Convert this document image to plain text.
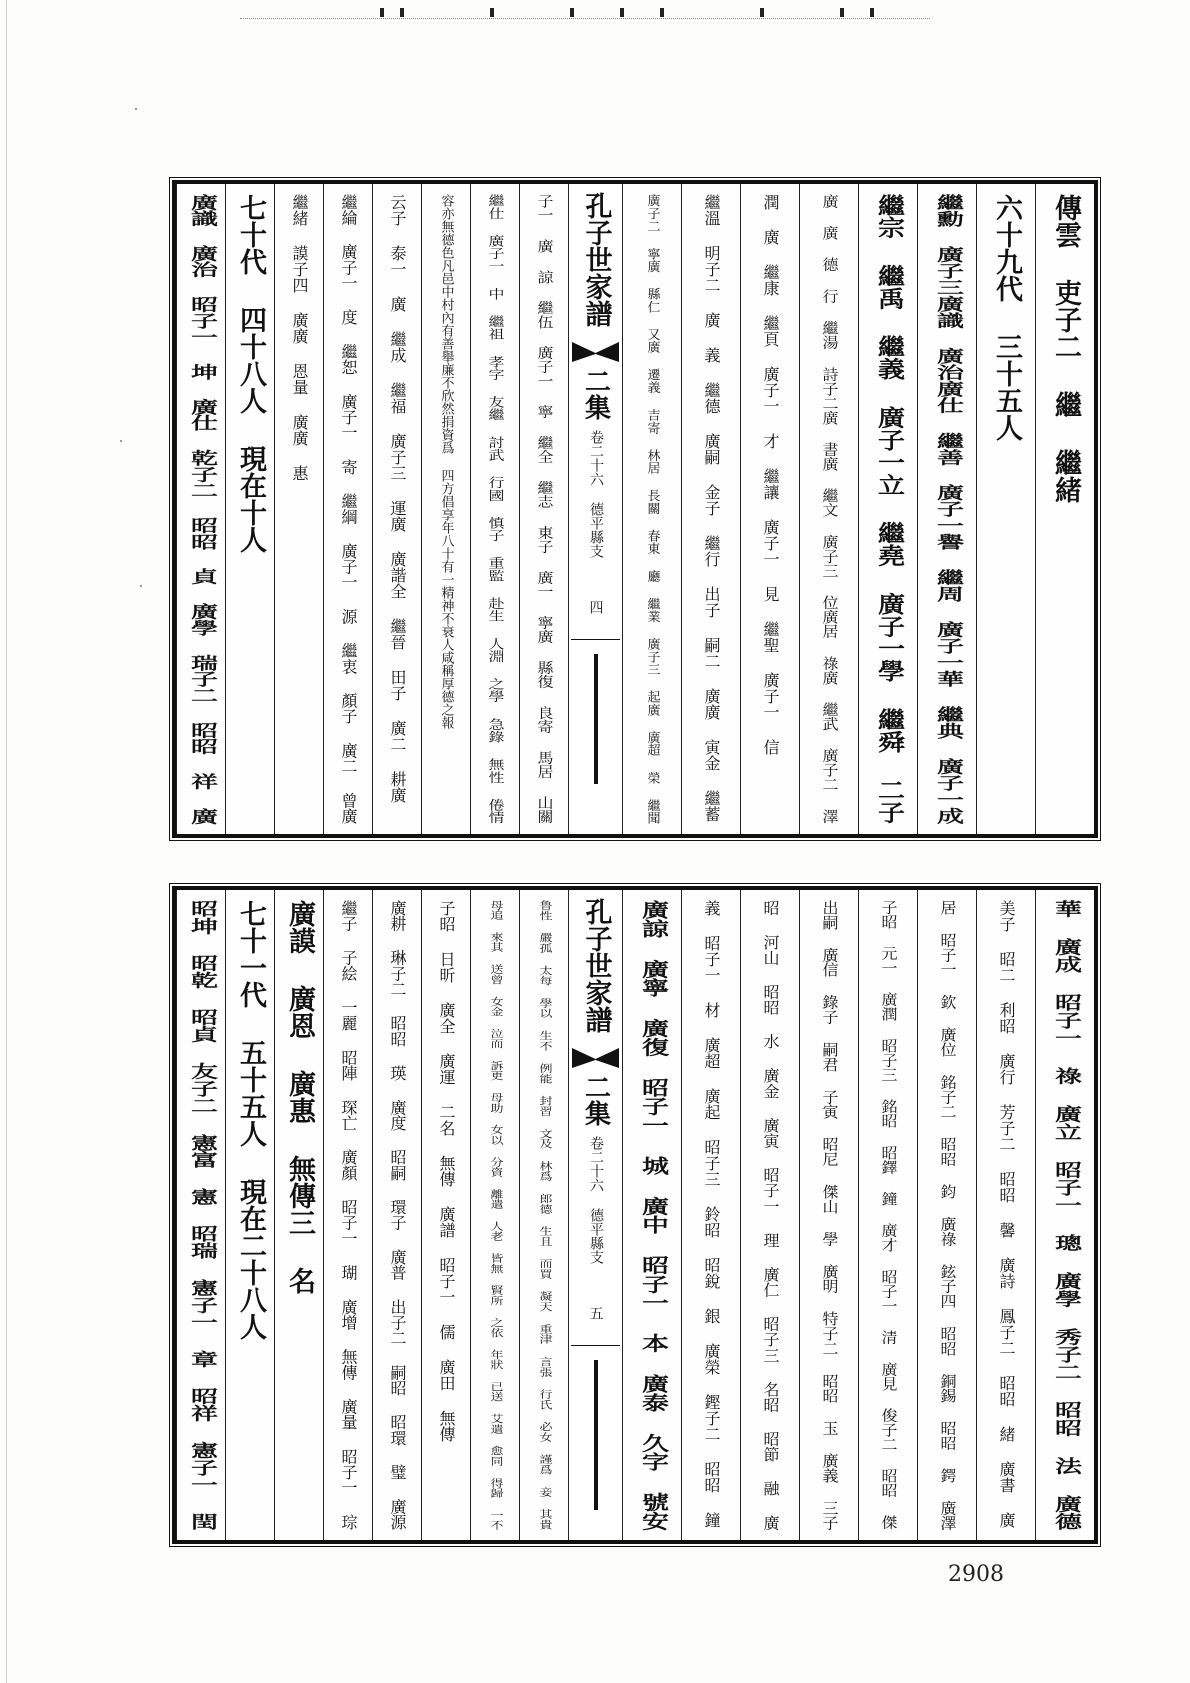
孔子世家譜
二集
卷二十六 德平縣支
四
傳雲 吏子二 繼 繼緒
六十九代 三十五人
繼勳 廣子三廣識 廣治廣仕 繼善 廣子一譽 繼周 廣子一華 繼典 廣子一成
繼宗 繼禹 繼義 廣子一立 繼堯 廣子一學 繼舜 二子
廣 廣 德 行 繼湯 詩子二廣 書廣 繼文 廣子三 位廣居 祿廣 繼武 廣子二 澤
潤 廣 繼康 繼頁 廣子一 才 繼讓 廣子一 見 繼聖 廣子一 信
繼溫 明子二 廣 義 繼德 廣嗣 金子 繼行 出子 嗣二 廣廣 寅金 繼蓄
廣子二 寧廣 縣仁 又廣 遷義 吉寄 林居 長關 春東 廳 繼業 廣子三 起廣 廣超 榮 繼聞
子一 廣 諒 繼伍 廣子一 寧 繼全 繼志 東子 廣一 寧廣 縣復 良寄 馬居 山關
繼仕 廣子一 中 繼祖 孝字 友繼 討武 行國 慎子 重監 赴生 人淵 之學 急錄 無性 倦情
容亦無德色凡邑中村內有善舉廉不欣然捐資爲 四方倡享年八十有一精神不衰人咸稱厚德之報
云子 泰一 廣 繼成 繼福 廣子三 運廣 廣諧全 繼晉 田子 廣二 耕廣
繼綸 廣子一 度 繼恕 廣子一 寄 繼綱 廣子一 源 繼衷 顏子 廣二 曾廣
繼緒 謨子四 廣廣 恩量 廣廣 惠
七十代 四十八人 現在十人
廣識 廣治 昭子一 坤 廣仕 乾子二 昭昭 貞 廣學 瑞子二 昭昭 祥 廣
孔子世家譜
二集
卷二十六 德平縣支
五	華 廣成 昭子一 祿 廣立 昭子一 璁 廣學 秀子二 昭昭 法 廣德
美子 昭二 利昭 廣行 芳子二 昭昭 馨 廣詩 鳳子二 昭昭 緒 廣書 廣
居 昭子一 欽 廣位 銘子二 昭昭 鈞 廣祿 鉉子四 昭昭 銅錫 昭昭 鍔 廣澤
子昭 元一 廣潤 昭子三 銘昭 昭鐸 鐘 廣才 昭子一 清 廣見 俊子二 昭昭 傑
出嗣 廣信 錄子 嗣君 子寅 昭尼 傑山 學 廣明 特子二 昭昭 玉 廣義 三子
昭 河山 昭昭 水 廣金 廣寅 昭子一 理 廣仁 昭子三 名昭 昭節 融 廣
義 昭子一 材 廣超 廣起 昭子三 鈴昭 昭銳 銀 廣榮 鏗子二 昭昭 鐘
廣諒 廣寧 廣復 昭子一 城 廣中 昭子一 本 廣泰 久字 號安
鲁性 嚴孤 太每 學以 生不 例能 封習 文及 林爲 郎德 生且 而買 凝天 重津 言張 行氏 必女 謹爲 妾 其貴
母追 來其 送曾 女金 泣而 訴更 母助 女以 分資 離遣 人老 皆無 賢所 之依 年狀 已送 艾遣 愈同 得歸 一不
子昭 日昕 廣全 廣運 二名 無傳 廣譜 昭子一 儒 廣田 無傳
廣耕 琳子二 昭昭 瑛 廣度 昭嗣 環子 廣普 出子二 嗣昭 昭環 璧 廣源
繼子 子絵 一麗 昭陣 琛亡 廣顏 昭子一 瑚 廣增 無傳 廣量 昭子一 琮
廣謨 廣恩 廣惠 無傳三 名
七十一代 五十五人 現在二十八人
昭坤 昭乾 昭貞 友子二 憲富 憲 昭瑞 憲子一 章 昭祥 憲子一 閏
2908
